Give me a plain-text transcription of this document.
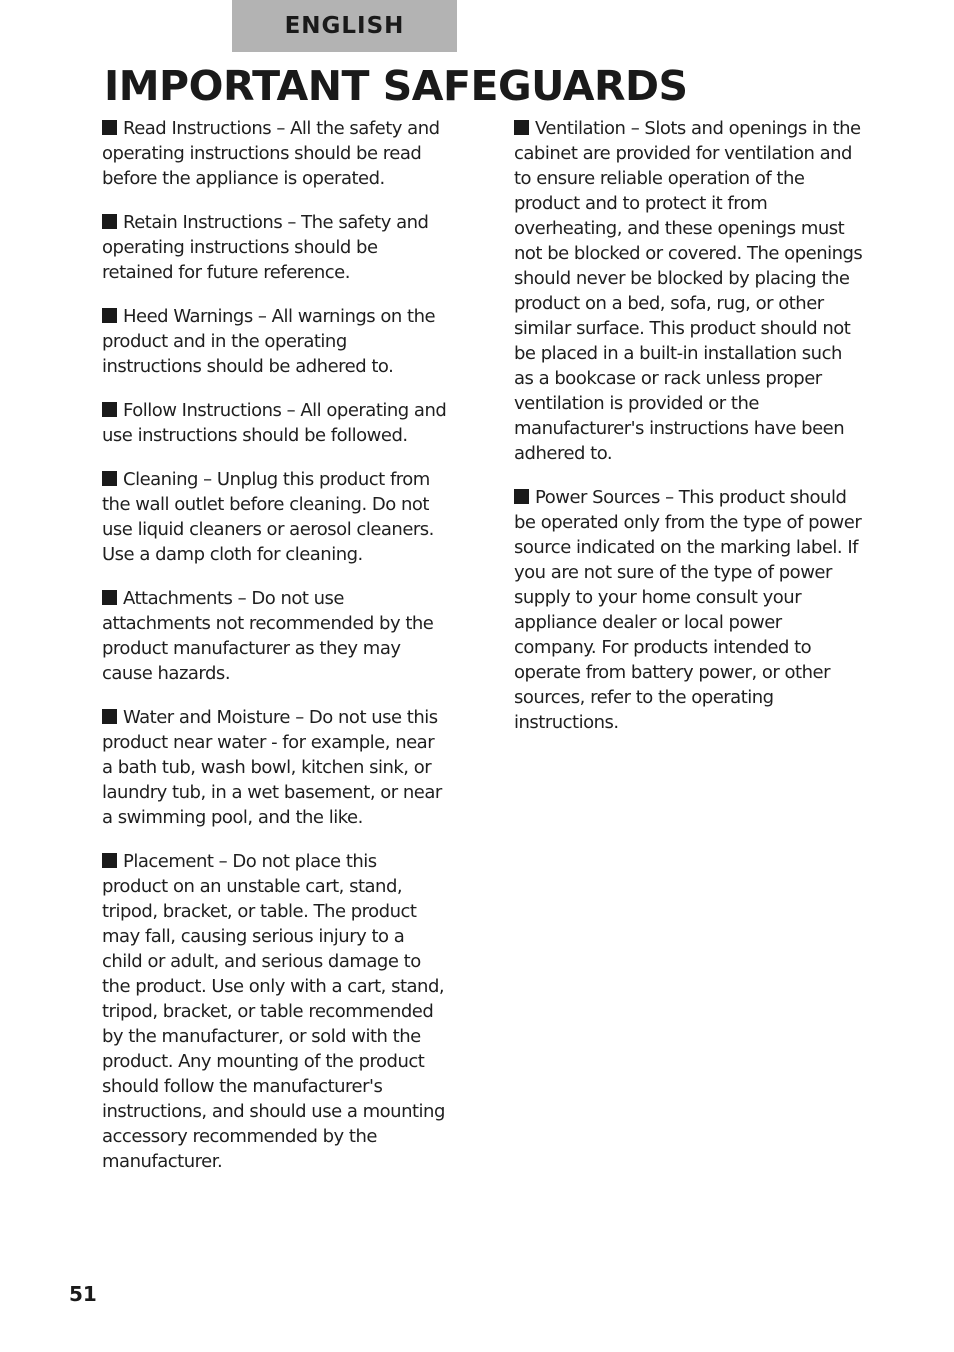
ENGLISH
IMPORTANT SAFEGUARDS

Read Instructions – All the safety and operating instructions should be read before the appliance is operated.

Retain Instructions – The safety and operating instructions should be retained for future reference.

Heed Warnings – All warnings on the product and in the operating instructions should be adhered to.

Follow Instructions – All operating and use instructions should be followed.

Cleaning – Unplug this product from the wall outlet before cleaning. Do not use liquid cleaners or aerosol cleaners. Use a damp cloth for cleaning.

Attachments – Do not use attachments not recommended by the product manufacturer as they may cause hazards.

Water and Moisture – Do not use this product near water - for example, near a bath tub, wash bowl, kitchen sink, or laundry tub, in a wet basement, or near a swimming pool, and the like.

Placement – Do not place this product on an unstable cart, stand, tripod, bracket, or table. The product may fall, causing serious injury to a child or adult, and serious damage to the product. Use only with a cart, stand, tripod, bracket, or table recommended by the manufacturer, or sold with the product. Any mounting of the product should follow the manufacturer's instructions, and should use a mounting accessory recommended by the manufacturer.

Ventilation – Slots and openings in the cabinet are provided for ventilation and to ensure reliable operation of the product and to protect it from overheating, and these openings must not be blocked or covered. The openings should never be blocked by placing the product on a bed, sofa, rug, or other similar surface. This product should not be placed in a built-in installation such as a bookcase or rack unless proper ventilation is provided or the manufacturer's instructions have been adhered to.

Power Sources – This product should be operated only from the type of power source indicated on the marking label. If you are not sure of the type of power supply to your home consult your appliance dealer or local power company. For products intended to operate from battery power, or other sources, refer to the operating instructions.

51
